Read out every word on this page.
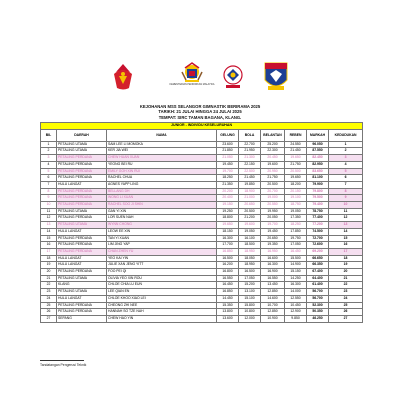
KEMENTERIAN PENDIDIKAN MALAYSIA
KEJOHANAN MSS SELANGOR GIMNASTIK BERIRAMA 2025
TARIKH: 21 JULAI HINGGA 24 JULAI 2025
TEMPAT: SIRC TAMAN BAGANA, KLANG.
JUNIOR - INDIVIDU KESELURUHAN								
BIL	DAERAH	NAMA	GELUNG	BOLA	BELANTAN	REBEN	MARKAH	KEDUDUKAN
1	PETALING UTAMA	SAM LEE LI MOMOKA	23.600	22.700	25.200	24.550	96.050	1
2	PETALING UTAMA	KER JIA WEI	21.850	21.950	22.300	21.450	87.550	2
3	PETALING PERDANA	CHEW HUAN XUAN	21.050	21.300	20.450	19.650	82.450	3
4	PETALING PERDANA	YEONG BEI RU	19.450	22.150	19.600	21.750	82.950	4
5	PETALING PERDANA	EMILY GOH XIN RUI	19.700	22.500	20.950	20.500	83.650	5
6	PETALING PERDANA	RACHEL CHUA	18.250	21.450	21.750	19.650	81.100	6
7	HULU LANGAT	AGNES YAPP LING	21.350	19.850	20.500	18.200	79.900	7
8	PETALING PERDANA	BELLANG DH	20.200	18.900	20.700	20.150	79.800	8
9	PETALING PERDANA	WONG LI XUAN	20.400	21.000	19.000	19.100	79.500	9
10	PETALING PERDANA	RACHEL SOO JI SHIN	19.150	20.650	20.550	18.750	79.400	10
11	PETALING UTAMA	GAN YI XIN	19.250	20.500	19.950	19.050	78.750	11
12	PETALING PERDANA	LOR SUEN NAH	18.800	21.200	20.050	17.350	77.400	12
13	PETALING UTAMA	WYNN CHONG	19.650	19.600	19.700	18.250	77.200	13
14	HULU LANGAT	LEOW EE XIN	18.150	19.050	19.450	17.850	74.500	14
15	PETALING PERDANA	TAN YI XUAN	16.300	16.100	20.650	19.750	72.700	15
16	PETALING PERDANA	LIM JING YAP	17.700	18.500	19.350	17.050	72.600	16
17	PETALING PERDANA	CHAN ZHEN YU	16.850	18.950	16.950	16.450	69.200	17
18	HULU LANGAT	YEO KAI YIN	16.500	18.050	16.600	15.500	66.650	18
19	HULU LANGAT	JULIE XAN JENG YITT	16.200	18.950	16.300	14.900	66.350	19
20	PETALING PERDANA	FOO PEI QI	16.800	16.500	16.900	15.150	67.400	20
21	PETALING UTAMA	OLIVIA YEO XIN ROU	16.550	17.050	16.550	14.250	64.400	21
22	KLANG	CHLOE CHIA LU EUN	16.450	15.200	13.450	16.300	61.400	22
23	PETALING UTAMA	LEE QIAN EN	16.850	13.100	12.850	14.000	56.700	23
24	HULU LANGAT	CHLOE KHOO XIAO LEI	14.450	15.100	14.600	12.550	56.700	24
25	PETALING PERDANA	CHEONG ZHI NEE	15.350	15.800	10.700	10.450	52.300	25
26	PETALING PERDANA	HANNAH SO TZE NAH	13.800	10.800	12.850	12.900	50.350	26
27	SEPANG	CHEW HAO YIN	13.600	12.000	10.900	9.850	46.250	27
Tandatangan Pengerusi Teknik
